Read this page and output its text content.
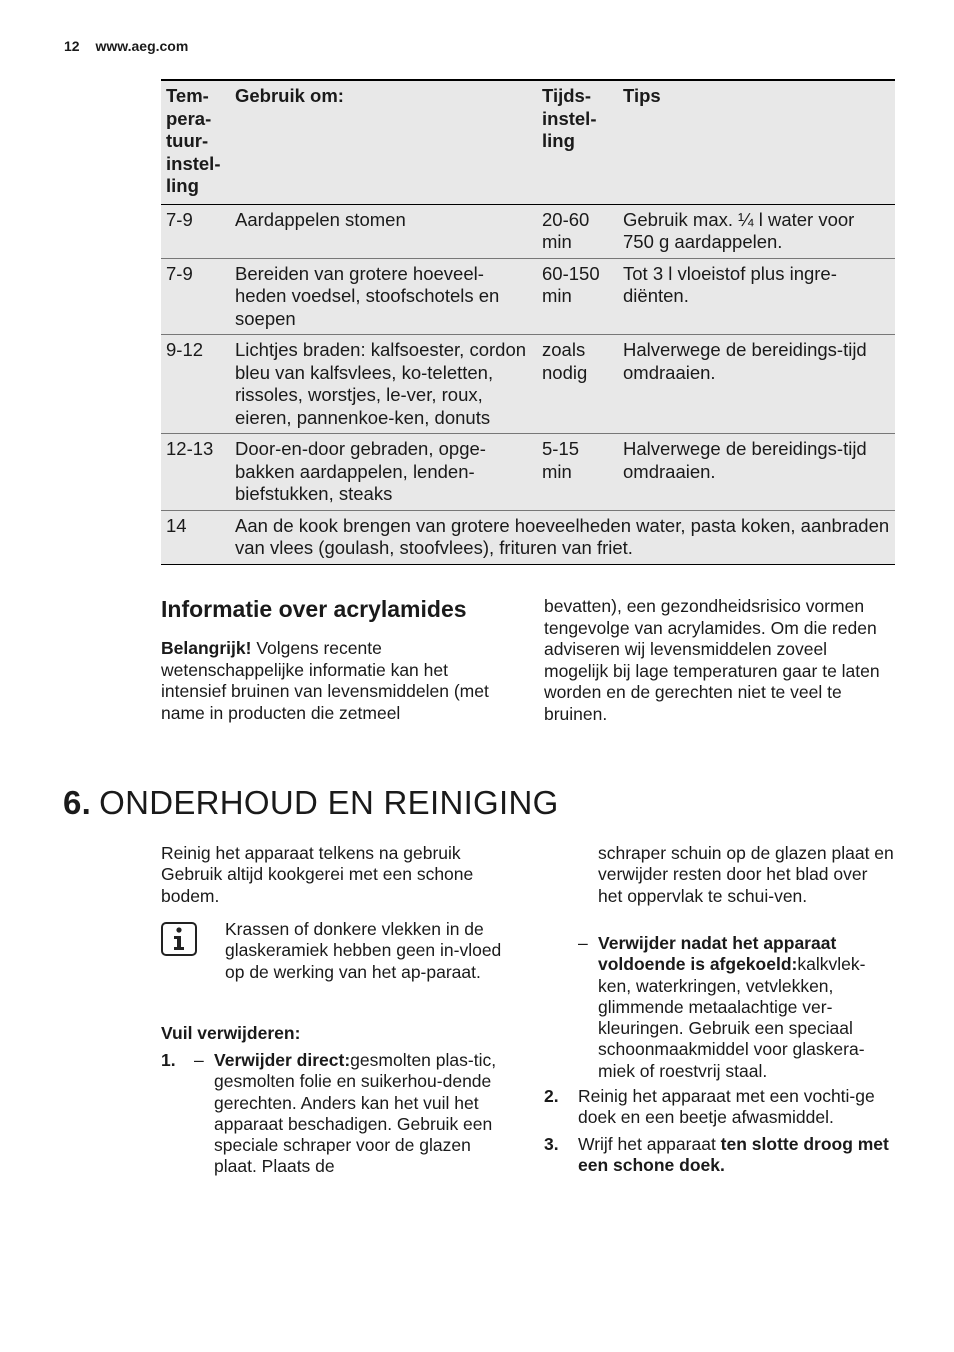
12 www.aeg.com
Tem-
pera-
tuur-
instel-
ling	Gebruik om:	Tijds-
instel-
ling	Tips
7-9	Aardappelen stomen	20-60 min	Gebruik max. ¼ l water voor 750 g aardappelen.
7-9	Bereiden van grotere hoeveel-heden voedsel, stoofschotels en soepen	60-150 min	Tot 3 l vloeistof plus ingre-diënten.
9-12	Lichtjes braden: kalfsoester, cordon bleu van kalfsvlees, ko-teletten, rissoles, worstjes, le-ver, roux, eieren, pannenkoe-ken, donuts	zoals nodig	Halverwege de bereidings-tijd omdraaien.
12-13	Door-en-door gebraden, opge-bakken aardappelen, lenden-biefstukken, steaks	5-15 min	Halverwege de bereidings-tijd omdraaien.
14	Aan de kook brengen van grotere hoeveelheden water, pasta koken, aanbraden van vlees (goulash, stoofvlees), frituren van friet.		
Informatie over acrylamides
Belangrijk! Volgens recente wetenschappelijke informatie kan het intensief bruinen van levensmiddelen (met name in producten die zetmeel
bevatten), een gezondheidsrisico vormen tengevolge van acrylamides. Om die reden adviseren wij levensmiddelen zoveel mogelijk bij lage temperaturen gaar te laten worden en de gerechten niet te veel te bruinen.
6. ONDERHOUD EN REINIGING
Reinig het apparaat telkens na gebruik Gebruik altijd kookgerei met een schone bodem.
Krassen of donkere vlekken in de glaskeramiek hebben geen in-vloed op de werking van het ap-paraat.
Vuil verwijderen:
1. – Verwijder direct:gesmolten plas-tic, gesmolten folie en suikerhou-dende gerechten. Anders kan het vuil het apparaat beschadigen. Gebruik een speciale schraper voor de glazen plaat. Plaats de
schraper schuin op de glazen plaat en verwijder resten door het blad over het oppervlak te schui-ven.
– Verwijder nadat het apparaat voldoende is afgekoeld:kalkvlek-ken, waterkringen, vetvlekken, glimmende metaalachtige ver-kleuringen. Gebruik een speciaal schoonmaakmiddel voor glaskera-miek of roestvrij staal.
2. Reinig het apparaat met een vochti-ge doek en een beetje afwasmiddel.
3. Wrijf het apparaat ten slotte droog met een schone doek.
